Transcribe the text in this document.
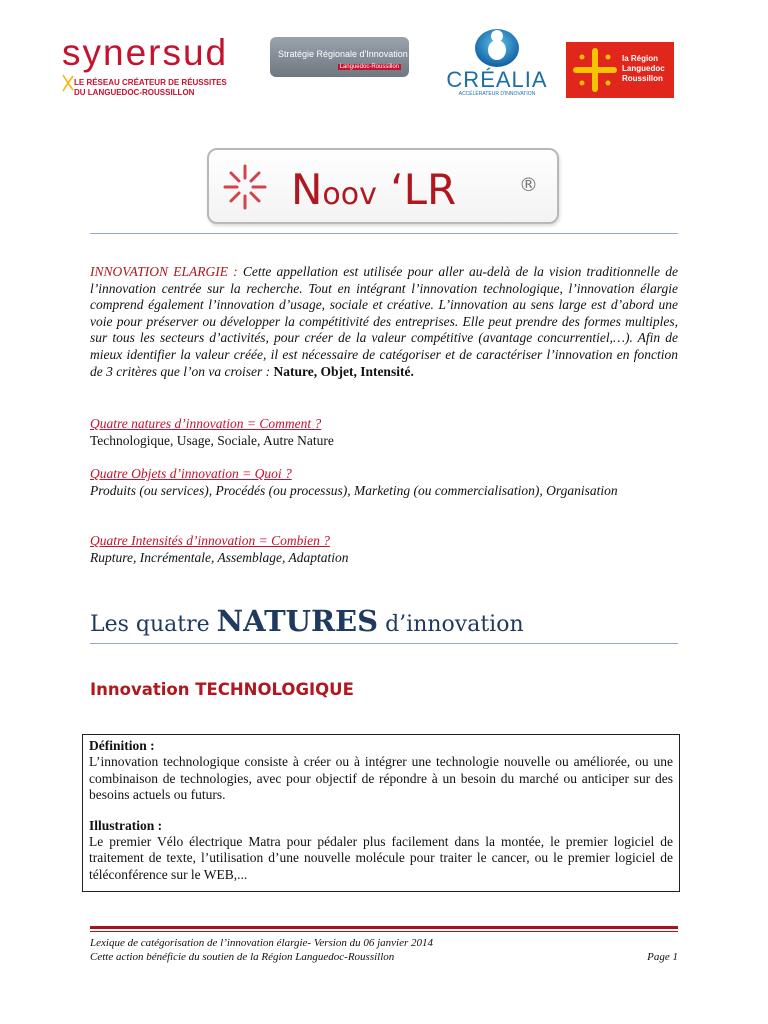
synersud
LE RÉSEAU CRÉATEUR DE RÉUSSITES
DU LANGUEDOC-ROUSSILLON
Stratégie Régionale d'Innovation
Languedoc-Roussillon CRÉALIA
ACCÉLÉRATEUR D'INNOVATION
la Région
Languedoc
Roussillon
Noov ‘LR	®

INNOVATION ELARGIE : Cette appellation est utilisée pour aller au-delà de la vision traditionnelle de l’innovation centrée sur la recherche. Tout en intégrant l’innovation technologique, l’innovation élargie comprend également l’innovation d’usage, sociale et créative. L’innovation au sens large est d’abord une voie pour préserver ou développer la compétitivité des entreprises. Elle peut prendre des formes multiples, sur tous les secteurs d’activités, pour créer de la valeur compétitive (avantage concurrentiel,…). Afin de mieux identifier la valeur créée, il est nécessaire de catégoriser et de caractériser l’innovation en fonction de 3 critères que l’on va croiser : Nature, Objet, Intensité.

Quatre natures d’innovation = Comment ?

Technologique, Usage, Sociale, Autre Nature

Quatre Objets d’innovation = Quoi ?

Produits (ou services), Procédés (ou processus), Marketing (ou commercialisation), Organisation

Quatre Intensités d’innovation = Combien ?

Rupture, Incrémentale, Assemblage, Adaptation

Les quatre NATURES d’innovation
Innovation TECHNOLOGIQUE
Définition :
L’innovation technologique consiste à créer ou à intégrer une technologie nouvelle ou améliorée, ou une combinaison de technologies, avec pour objectif de répondre à un besoin du marché ou anticiper sur des besoins actuels ou futurs.
Illustration :
Le premier Vélo électrique Matra pour pédaler plus facilement dans la montée, le premier logiciel de traitement de texte, l’utilisation d’une nouvelle molécule pour traiter le cancer, ou le premier logiciel de téléconférence sur le WEB,...

Lexique de catégorisation de l’innovation élargie- Version du 06 janvier 2014

Cette action bénéficie du soutien de la Région Languedoc-Roussillon	Page 1
